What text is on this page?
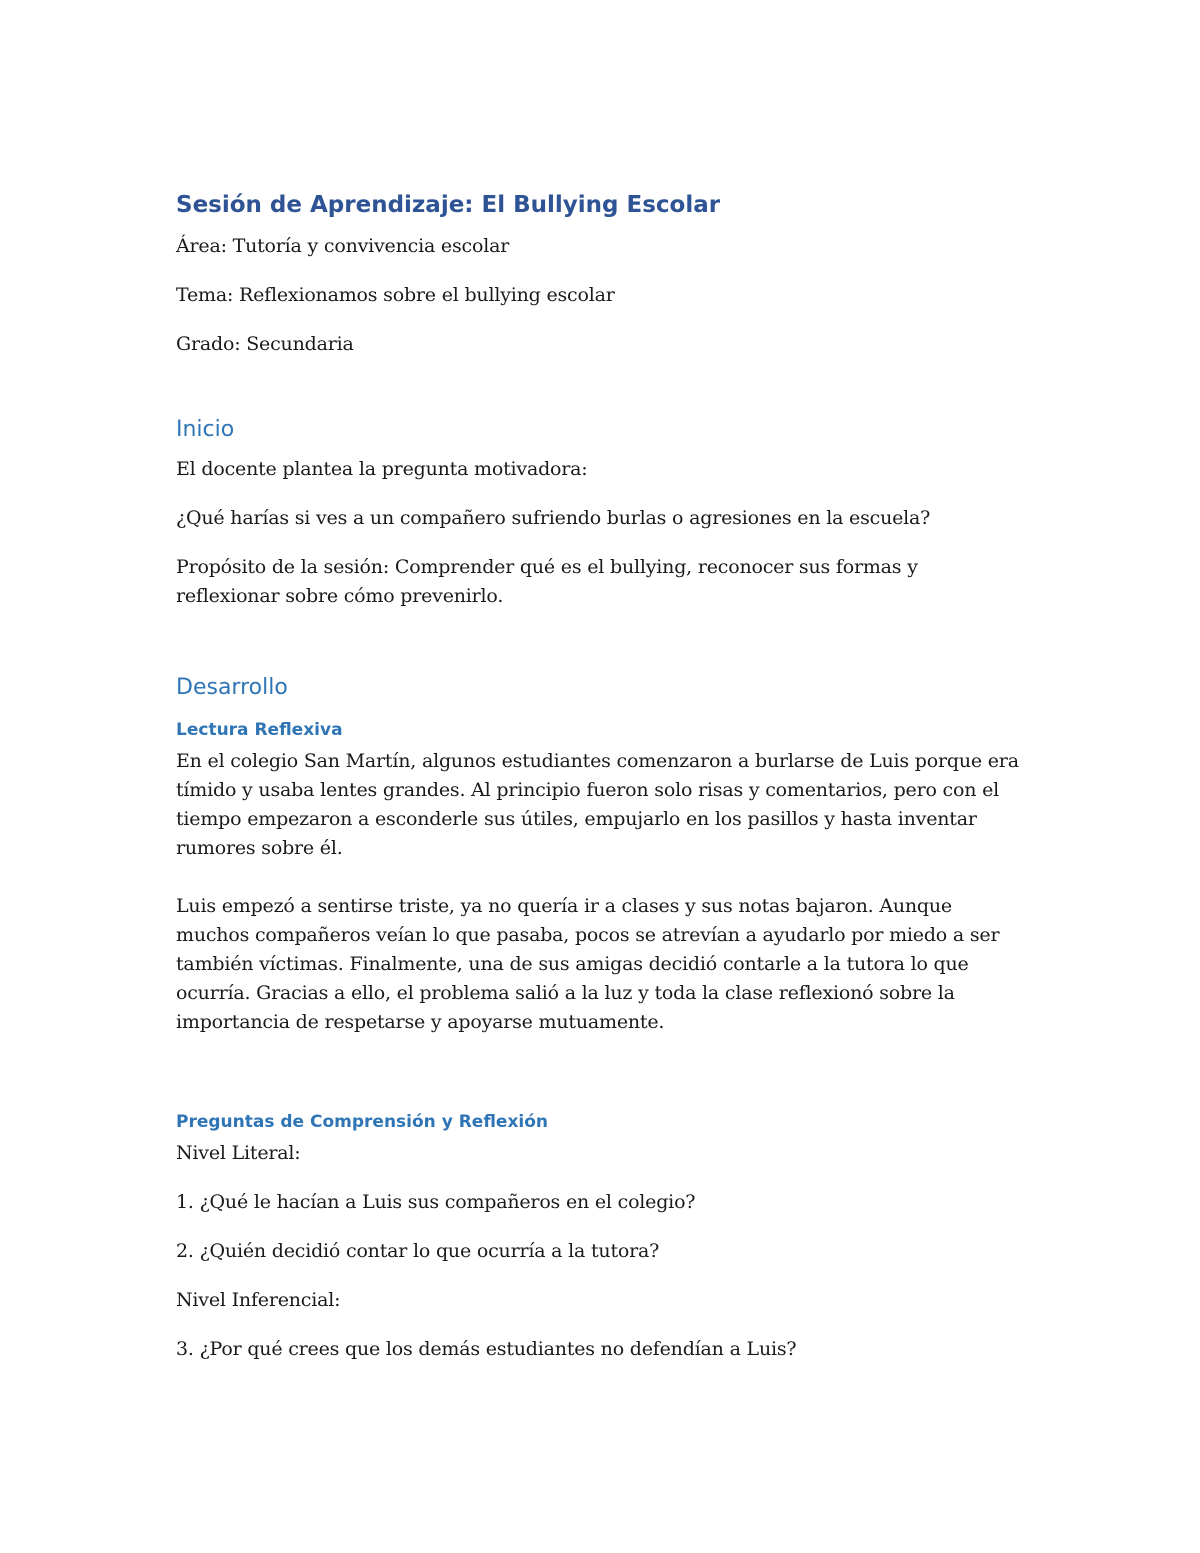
Sesión de Aprendizaje: El Bullying Escolar
Área: Tutoría y convivencia escolar
Tema: Reflexionamos sobre el bullying escolar
Grado: Secundaria
Inicio
El docente plantea la pregunta motivadora:
¿Qué harías si ves a un compañero sufriendo burlas o agresiones en la escuela?
Propósito de la sesión: Comprender qué es el bullying, reconocer sus formas y reflexionar sobre cómo prevenirlo.
Desarrollo
Lectura Reflexiva
En el colegio San Martín, algunos estudiantes comenzaron a burlarse de Luis porque era tímido y usaba lentes grandes. Al principio fueron solo risas y comentarios, pero con el tiempo empezaron a esconderle sus útiles, empujarlo en los pasillos y hasta inventar rumores sobre él.
Luis empezó a sentirse triste, ya no quería ir a clases y sus notas bajaron. Aunque muchos compañeros veían lo que pasaba, pocos se atrevían a ayudarlo por miedo a ser también víctimas. Finalmente, una de sus amigas decidió contarle a la tutora lo que ocurría. Gracias a ello, el problema salió a la luz y toda la clase reflexionó sobre la importancia de respetarse y apoyarse mutuamente.
Preguntas de Comprensión y Reflexión
Nivel Literal:
1. ¿Qué le hacían a Luis sus compañeros en el colegio?
2. ¿Quién decidió contar lo que ocurría a la tutora?
Nivel Inferencial:
3. ¿Por qué crees que los demás estudiantes no defendían a Luis?
